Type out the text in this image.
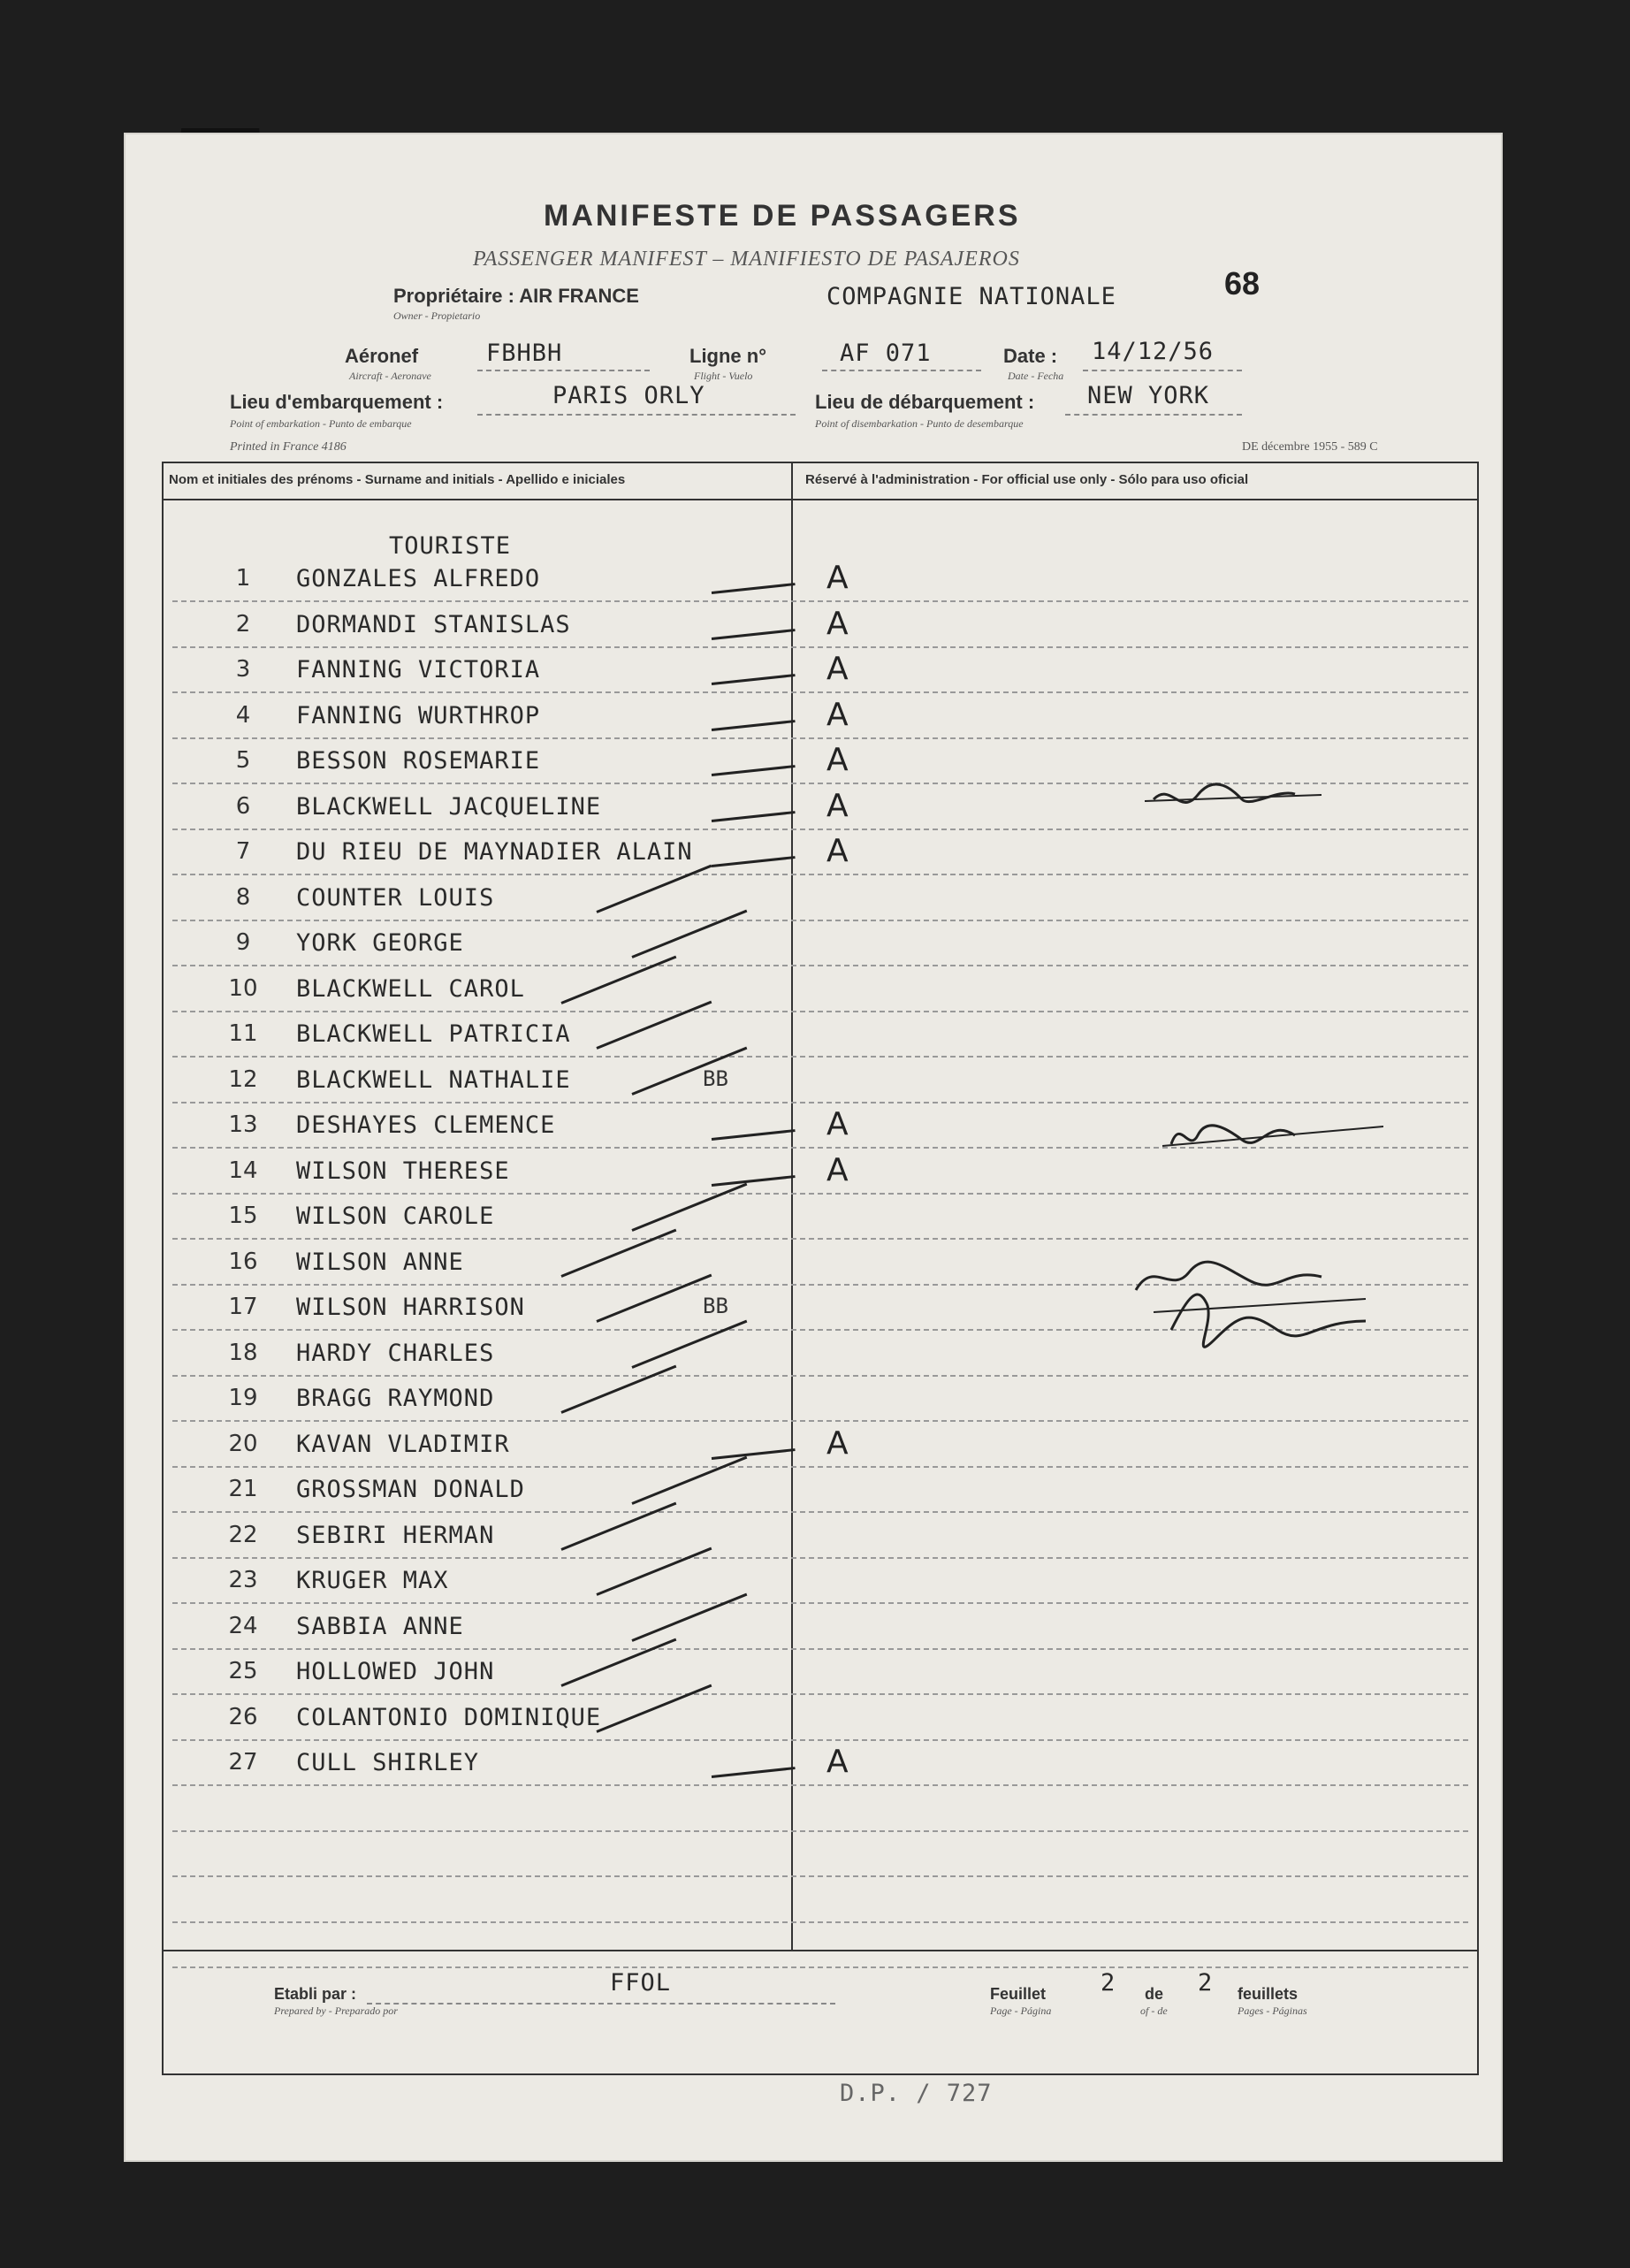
MANIFESTE DE PASSAGERS
PASSENGER MANIFEST – MANIFIESTO DE PASAJEROS
68
Propriétaire : AIR FRANCE
Owner - Propietario
COMPAGNIE NATIONALE
Aéronef
Aircraft - Aeronave
FBHBH	Ligne n°
Flight - Vuelo
AF 071	Date :
Date - Fecha
14/12/56
Lieu d'embarquement :
Point of embarkation - Punto de embarque
PARIS ORLY	Lieu de débarquement :
Point of disembarkation - Punto de desembarque
NEW YORK
Printed in France 4186	DE décembre 1955 - 589 C
Nom et initiales des prénoms - Surname and initials - Apellido e iniciales	Réservé à l'administration - For official use only - Sólo para uso oficial
TOURISTE
1	GONZALES ALFREDO	A
2	DORMANDI STANISLAS	A
3	FANNING VICTORIA	A
4	FANNING WURTHROP	A
5	BESSON ROSEMARIE	A
6	BLACKWELL JACQUELINE	A
7	DU RIEU DE MAYNADIER ALAIN	A
8	COUNTER LOUIS
9	YORK GEORGE
10	BLACKWELL CAROL
11	BLACKWELL PATRICIA
12	BLACKWELL NATHALIE	BB
13	DESHAYES CLEMENCE	A
14	WILSON THERESE	A
15	WILSON CAROLE
16	WILSON ANNE
17	WILSON HARRISON	BB
18	HARDY CHARLES
19	BRAGG RAYMOND
20	KAVAN VLADIMIR	A
21	GROSSMAN DONALD
22	SEBIRI HERMAN
23	KRUGER MAX
24	SABBIA ANNE
25	HOLLOWED JOHN
26	COLANTONIO DOMINIQUE
27	CULL SHIRLEY	A
Etabli par :
Prepared by - Preparado por
FFOL	Feuillet
Page - Página
2 de
of - de
2 feuillets
Pages - Páginas
D.P. / 727
